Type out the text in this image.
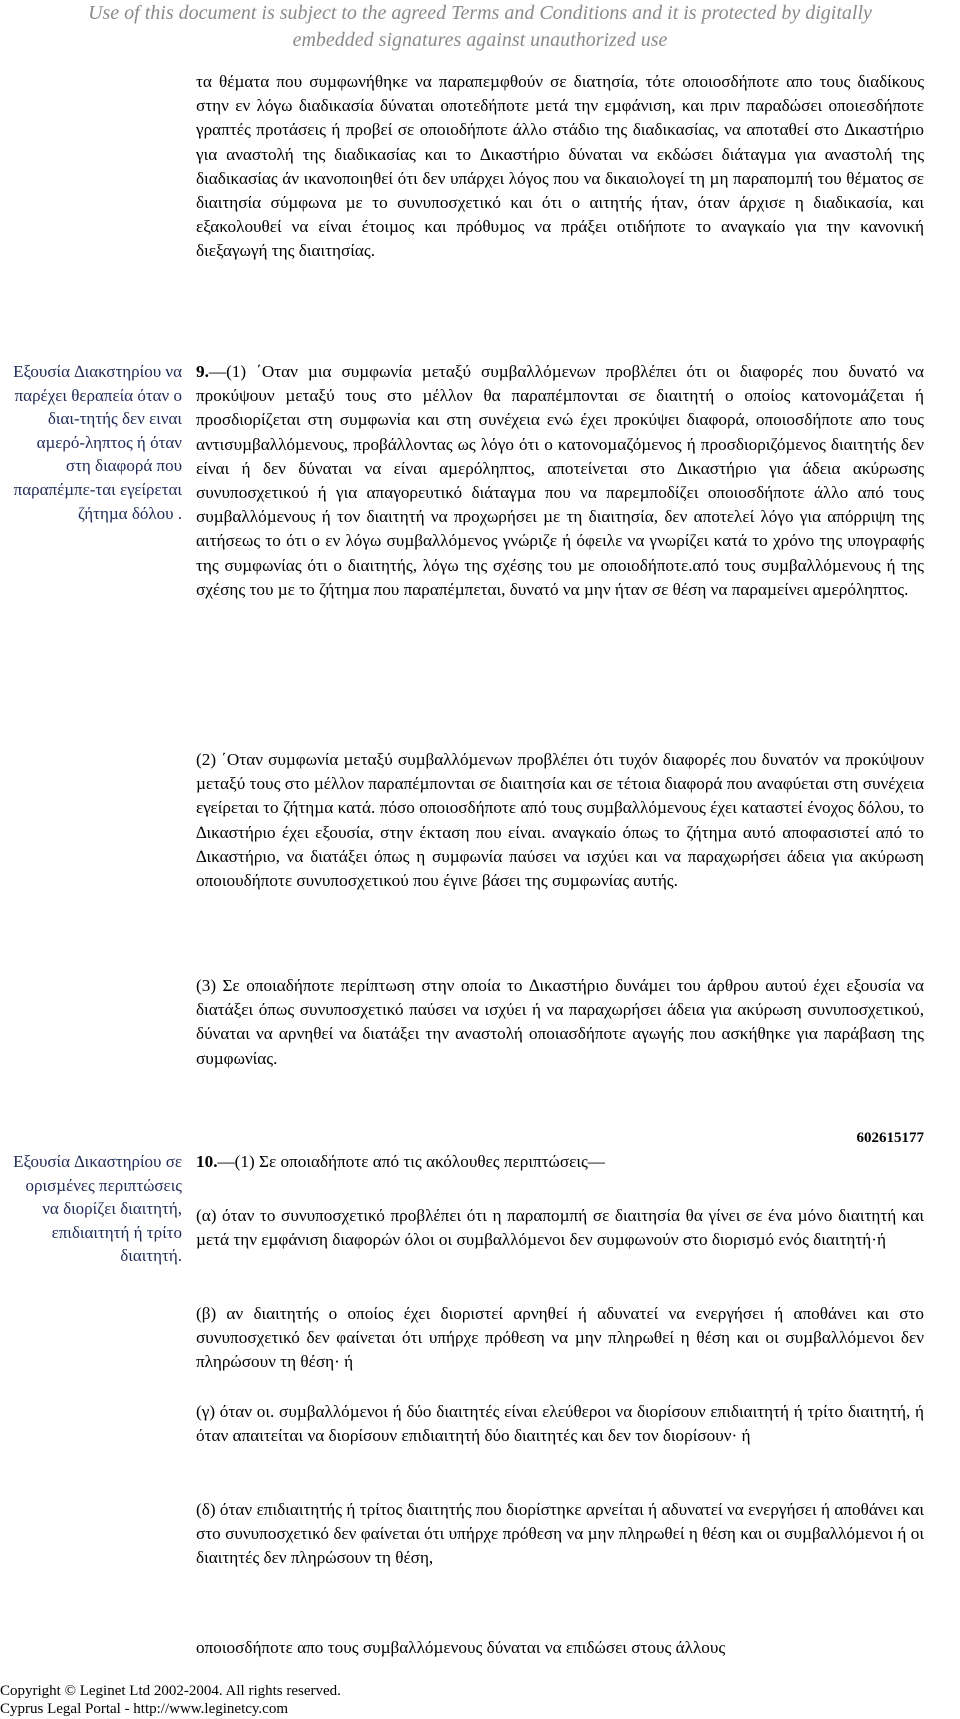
Use of this document is subject to the agreed Terms and Conditions and it is protected by digitally
embedded signatures against unauthorized use

τα θέµατα που συµφωνήθηκε να παραπεµφθούν σε διατησία, τότε οποιοσδήποτε απο τους διαδίκους στην εν λόγω διαδικασία δύναται οποτεδήποτε µετά την εµφάνιση, και πριν παραδώσει οποιεσδήποτε γραπτές προτάσεις ή προβεί σε οποιοδήποτε άλλο στάδιο της διαδικασίας, να αποταθεί στο ∆ικαστήριο για αναστολή της διαδικασίας και το ∆ικαστήριο δύναται να εκδώσει διάταγµα για αναστολή της διαδικασίας άν ικανοποιηθεί ότι δεν υπάρχει λόγος που να δικαιολογεί τη µη παραποµπή του θέµατος σε διαιτησία σύµφωνα µε το συνυποσχετικό και ότι ο αιτητής ήταν, όταν άρχισε η διαδικασία, και εξακολουθεί να είναι έτοιµος και πρόθυµος να πράξει οτιδήποτε το αναγκαίο για την κανονική διεξαγωγή της διαιτησίας.

Εξουσία ∆ιακστηρίου να παρέχει θεραπεία όταν ο διαι-τητής δεν ειναι αµερό-ληπτος ή όταν στη διαφορά που παραπέµπε-ται εγείρεται ζήτηµα δόλου .

9.—(1) ΄Οταν µια συµφωνία µεταξύ συµβαλλόµενων προβλέπει ότι οι διαφορές που δυνατό να προκύψουν µεταξύ τους στο µέλλον θα παραπέµπονται σε διαιτητή ο οποίος κατονοµάζεται ή προσδιορίζεται στη συµφωνία και στη συνέχεια ενώ έχει προκύψει διαφορά, οποιοσδήποτε απο τους αντισυµβαλλόµενους, προβάλλοντας ως λόγο ότι ο κατονοµαζόµενος ή προσδιοριζόµενος διαιτητής δεν είναι ή δεν δύναται να είναι αµερόληπτος, αποτείνεται στο ∆ικαστήριο για άδεια ακύρωσης συνυποσχετικού ή για απαγορευτικό διάταγµα που να παρεµποδίζει οποιοσδήποτε άλλο από τους συµβαλλόµενους ή τον διαιτητή να προχωρήσει µε τη διαιτησία, δεν αποτελεί λόγο για απόρριψη της αιτήσεως το ότι ο εν λόγω συµβαλλόµενος γνώριζε ή όφειλε να γνωρίζει κατά το χρόνο της υπογραφής της συµφωνίας ότι ο διαιτητής, λόγω της σχέσης του µε οποιοδήποτε.από τους συµβαλλόµενους ή της σχέσης του µε το ζήτηµα που παραπέµπεται, δυνατό να µην ήταν σε θέση να παραµείνει αµερόληπτος.

(2) ΄Οταν συµφωνία µεταξύ συµβαλλόµενων προβλέπει ότι τυχόν διαφορές που δυνατόν να προκύψουν µεταξύ τους στο µέλλον παραπέµπονται σε διαιτησία και σε τέτοια διαφορά που αναφύεται στη συνέχεια εγείρεται το ζήτηµα κατά. πόσο οποιοσδήποτε από τους συµβαλλόµενους έχει καταστεί ένοχος δόλου, το ∆ικαστήριο έχει εξουσία, στην έκταση που είναι. αναγκαίο όπως το ζήτηµα αυτό αποφασιστεί από το ∆ικαστήριο, να διατάξει όπως η συµφωνία παύσει να ισχύει και να παραχωρήσει άδεια για ακύρωση οποιουδήποτε συνυποσχετικού που έγινε βάσει της συµφωνίας αυτής.

(3) Σε οποιαδήποτε περίπτωση στην οποία το ∆ικαστήριο δυνάµει του άρθρου αυτού έχει εξουσία να διατάξει όπως συνυποσχετικό παύσει να ισχύει ή να παραχωρήσει άδεια για ακύρωση συνυποσχετικού, δύναται να αρνηθεί να διατάξει την αναστολή οποιασδήποτε αγωγής που ασκήθηκε για παράβαση της συµφωνίας.

602615177
Εξουσία ∆ικαστηρίου σε ορισµένες περιπτώσεις να διορίζει διαιτητή, επιδιαιτητή ή τρίτο διαιτητή.

10.—(1) Σε οποιαδήποτε από τις ακόλουθες περιπτώσεις—

(α) όταν το συνυποσχετικό προβλέπει ότι η παραποµπή σε διαιτησία θα γίνει σε ένα µόνο διαιτητή και µετά την εµφάνιση διαφορών όλοι οι συµβαλλόµενοι δεν συµφωνούν στο διορισµό ενός διαιτητή·ή

(β) αν διαιτητής ο οποίος έχει διοριστεί αρνηθεί ή αδυνατεί να ενεργήσει ή αποθάνει και στο συνυποσχετικό δεν φαίνεται ότι υπήρχε πρόθεση να µην πληρωθεί η θέση και οι συµβαλλόµενοι δεν πληρώσουν τη θέση· ή

(γ) όταν οι. συµβαλλόµενοι ή δύο διαιτητές είναι ελεύθεροι να διορίσουν επιδιαιτητή ή τρίτο διαιτητή, ή όταν απαιτείται να διορίσουν επιδιαιτητή δύο διαιτητές και δεν τον διορίσουν· ή

(δ) όταν επιδιαιτητής ή τρίτος διαιτητής που διορίστηκε αρνείται ή αδυνατεί να ενεργήσει ή αποθάνει και στο συνυποσχετικό δεν φαίνεται ότι υπήρχε πρόθεση να µην πληρωθεί η θέση και οι συµβαλλόµενοι ή οι διαιτητές δεν πληρώσουν τη θέση,

οποιοσδήποτε απο τους συµβαλλόµενους δύναται να επιδώσει στους άλλους

Copyright © Leginet Ltd 2002-2004. All rights reserved.
Cyprus Legal Portal - http://www.leginetcy.com
